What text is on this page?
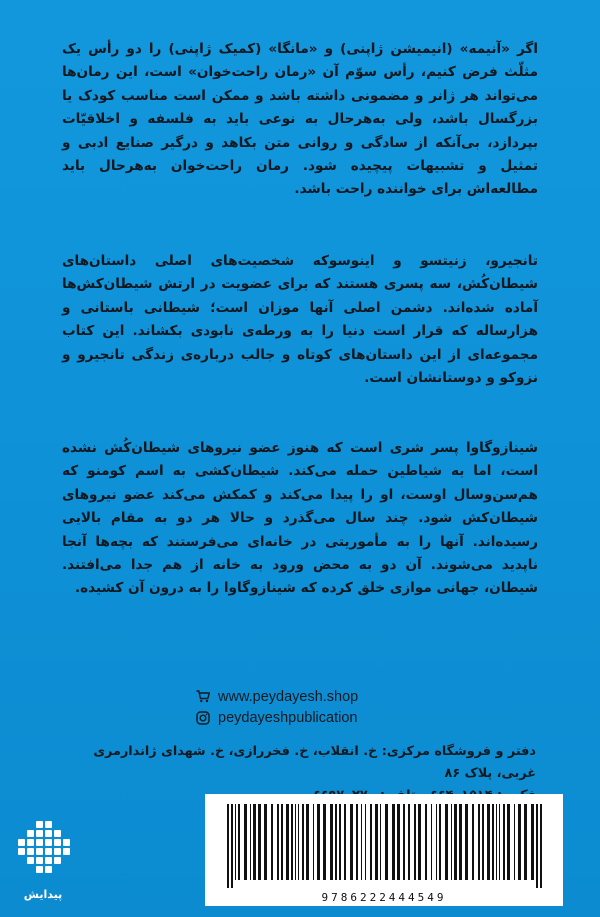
اگر «آنیمه» (انیمیشن ژاپنی) و «مانگا» (کمیک ژاپنی) را دو رأس یک مثلّث فرض کنیم، رأس سوّم آن «رمان راحت‌خوان» است، این رمان‌ها می‌تواند هر ژانر و مضمونی داشته باشد و ممکن است مناسب کودک یا بزرگسال باشد، ولی به‌هرحال به نوعی باید به فلسفه و اخلاقیّات بپردازد، بی‌آنکه از سادگی و روانی متن بکاهد و درگیر صنایع ادبی و تمثیل و تشبیهات پیچیده شود. رمان راحت‌خوان به‌هرحال باید مطالعه‌اش برای خواننده راحت باشد.
تانجیرو، زنیتسو و اینوسوکه شخصیت‌های اصلی داستان‌های شیطان‌کُش، سه پسری هستند که برای عضویت در ارتش شیطان‌کش‌ها آماده شده‌اند. دشمن اصلی آنها موزان است؛ شیطانی باستانی و هزارساله که قرار است دنیا را به ورطه‌ی نابودی بکشاند. این کتاب مجموعه‌ای از این داستان‌های کوتاه و جالب درباره‌ی زندگی تانجیرو و نزوکو و دوستانشان است.
شیناز‌وگاوا پسر شری است که هنوز عضو نیروهای شیطان‌کُش نشده است، اما به شیاطین حمله می‌کند. شیطان‌کشی به اسم کومنو که هم‌سن‌وسال اوست، او را پیدا می‌کند و کمکش می‌کند عضو نیروهای شیطان‌کش شود. چند سال می‌گذرد و حالا هر دو به مقام بالایی رسیده‌اند. آنها را به مأموریتی در خانه‌ای می‌فرستند که بچه‌ها آنجا ناپدید می‌شوند. آن دو به محض ورود به خانه از هم جدا می‌افتند. شیطان، جهانی موازی خلق کرده که شینازوگاوا را به درون آن کشیده.
www.peydayesh.shop
peydayeshpublication
دفتر و فروشگاه مرکزی: خ. انقلاب، خ. فخررازی، خ. شهدای ژاندارمری غربی، پلاک ۸۶
9786222444549
پیدایش
